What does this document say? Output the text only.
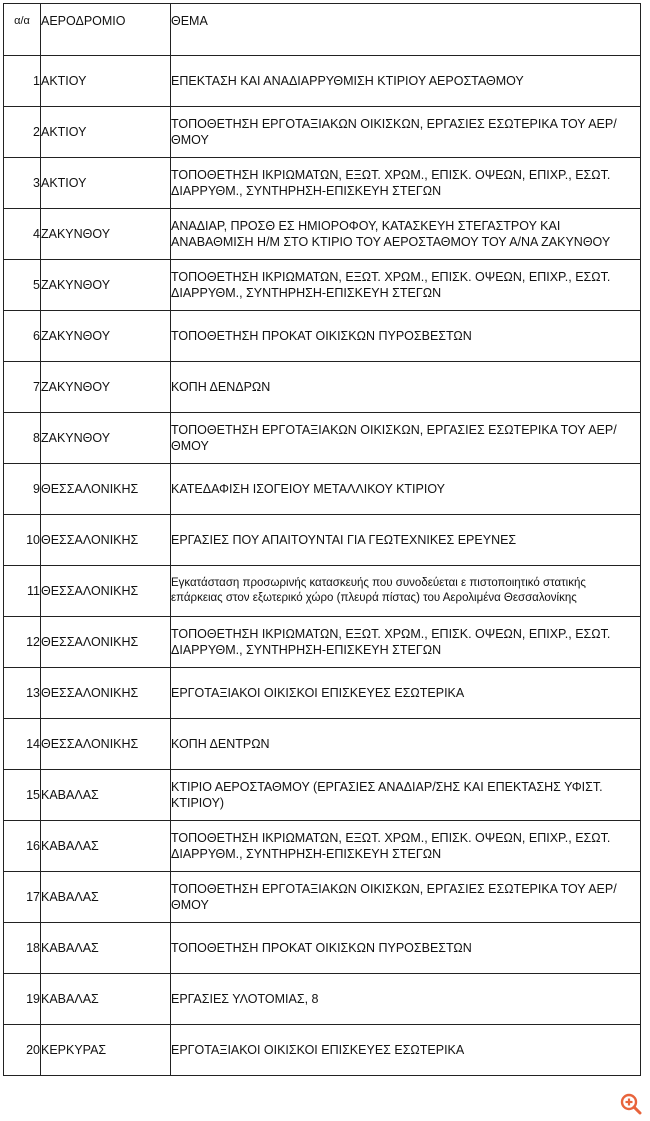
α/α	ΑΕΡΟΔΡΟΜΙΟ	ΘΕΜΑ
1	ΑΚΤΙΟΥ	ΕΠΕΚΤΑΣΗ ΚΑΙ ΑΝΑΔΙΑΡΡΥΘΜΙΣΗ ΚΤΙΡΙΟΥ ΑΕΡΟΣΤΑΘΜΟΥ
2	ΑΚΤΙΟΥ	ΤΟΠΟΘΕΤΗΣΗ ΕΡΓΟΤΑΞΙΑΚΩΝ ΟΙΚΙΣΚΩΝ, ΕΡΓΑΣΙΕΣ ΕΣΩΤΕΡΙΚΑ ΤΟΥ ΑΕΡ/ΘΜΟΥ
3	ΑΚΤΙΟΥ	ΤΟΠΟΘΕΤΗΣΗ ΙΚΡΙΩΜΑΤΩΝ, ΕΞΩΤ. ΧΡΩΜ., ΕΠΙΣΚ. ΟΨΕΩΝ, ΕΠΙΧΡ., ΕΣΩΤ. ΔΙΑΡΡΥΘΜ., ΣΥΝΤΗΡΗΣΗ-ΕΠΙΣΚΕΥΗ ΣΤΕΓΩΝ
4	ΖΑΚΥΝΘΟΥ	ΑΝΑΔΙΑΡ, ΠΡΟΣΘ ΕΣ ΗΜΙΟΡΟΦΟΥ, ΚΑΤΑΣΚΕΥΗ ΣΤΕΓΑΣΤΡΟΥ ΚΑΙ ΑΝΑΒΑΘΜΙΣΗ Η/Μ ΣΤΟ ΚΤΙΡΙΟ ΤΟΥ ΑΕΡΟΣΤΑΘΜΟΥ ΤΟΥ Α/ΝΑ ΖΑΚΥΝΘΟΥ
5	ΖΑΚΥΝΘΟΥ	ΤΟΠΟΘΕΤΗΣΗ ΙΚΡΙΩΜΑΤΩΝ, ΕΞΩΤ. ΧΡΩΜ., ΕΠΙΣΚ. ΟΨΕΩΝ, ΕΠΙΧΡ., ΕΣΩΤ. ΔΙΑΡΡΥΘΜ., ΣΥΝΤΗΡΗΣΗ-ΕΠΙΣΚΕΥΗ ΣΤΕΓΩΝ
6	ΖΑΚΥΝΘΟΥ	ΤΟΠΟΘΕΤΗΣΗ ΠΡΟΚΑΤ ΟΙΚΙΣΚΩΝ ΠΥΡΟΣΒΕΣΤΩΝ
7	ΖΑΚΥΝΘΟΥ	ΚΟΠΗ ΔΕΝΔΡΩΝ
8	ΖΑΚΥΝΘΟΥ	ΤΟΠΟΘΕΤΗΣΗ ΕΡΓΟΤΑΞΙΑΚΩΝ ΟΙΚΙΣΚΩΝ, ΕΡΓΑΣΙΕΣ ΕΣΩΤΕΡΙΚΑ ΤΟΥ ΑΕΡ/ΘΜΟΥ
9	ΘΕΣΣΑΛΟΝΙΚΗΣ	ΚΑΤΕΔΑΦΙΣΗ ΙΣΟΓΕΙΟΥ ΜΕΤΑΛΛΙΚΟΥ ΚΤΙΡΙΟΥ
10	ΘΕΣΣΑΛΟΝΙΚΗΣ	ΕΡΓΑΣΙΕΣ ΠΟΥ ΑΠΑΙΤΟΥΝΤΑΙ ΓΙΑ ΓΕΩΤΕΧΝΙΚΕΣ ΕΡΕΥΝΕΣ
11	ΘΕΣΣΑΛΟΝΙΚΗΣ	Εγκατάσταση προσωρινής κατασκευής που συνοδεύεται ε πιστοποιητικό στατικής επάρκειας στον εξωτερικό χώρο (πλευρά πίστας) του Αερολιμένα Θεσσαλονίκης
12	ΘΕΣΣΑΛΟΝΙΚΗΣ	ΤΟΠΟΘΕΤΗΣΗ ΙΚΡΙΩΜΑΤΩΝ, ΕΞΩΤ. ΧΡΩΜ., ΕΠΙΣΚ. ΟΨΕΩΝ, ΕΠΙΧΡ., ΕΣΩΤ. ΔΙΑΡΡΥΘΜ., ΣΥΝΤΗΡΗΣΗ-ΕΠΙΣΚΕΥΗ ΣΤΕΓΩΝ
13	ΘΕΣΣΑΛΟΝΙΚΗΣ	ΕΡΓΟΤΑΞΙΑΚΟΙ ΟΙΚΙΣΚΟΙ ΕΠΙΣΚΕΥΕΣ ΕΣΩΤΕΡΙΚΑ
14	ΘΕΣΣΑΛΟΝΙΚΗΣ	ΚΟΠΗ ΔΕΝΤΡΩΝ
15	ΚΑΒΑΛΑΣ	ΚΤΙΡΙΟ ΑΕΡΟΣΤΑΘΜΟΥ (ΕΡΓΑΣΙΕΣ ΑΝΑΔΙΑΡ/ΣΗΣ ΚΑΙ ΕΠΕΚΤΑΣΗΣ ΥΦΙΣΤ. ΚΤΙΡΙΟΥ)
16	ΚΑΒΑΛΑΣ	ΤΟΠΟΘΕΤΗΣΗ ΙΚΡΙΩΜΑΤΩΝ, ΕΞΩΤ. ΧΡΩΜ., ΕΠΙΣΚ. ΟΨΕΩΝ, ΕΠΙΧΡ., ΕΣΩΤ. ΔΙΑΡΡΥΘΜ., ΣΥΝΤΗΡΗΣΗ-ΕΠΙΣΚΕΥΗ ΣΤΕΓΩΝ
17	ΚΑΒΑΛΑΣ	ΤΟΠΟΘΕΤΗΣΗ ΕΡΓΟΤΑΞΙΑΚΩΝ ΟΙΚΙΣΚΩΝ, ΕΡΓΑΣΙΕΣ ΕΣΩΤΕΡΙΚΑ ΤΟΥ ΑΕΡ/ΘΜΟΥ
18	ΚΑΒΑΛΑΣ	ΤΟΠΟΘΕΤΗΣΗ ΠΡΟΚΑΤ ΟΙΚΙΣΚΩΝ ΠΥΡΟΣΒΕΣΤΩΝ
19	ΚΑΒΑΛΑΣ	ΕΡΓΑΣΙΕΣ ΥΛΟΤΟΜΙΑΣ, 8
20	ΚΕΡΚΥΡΑΣ	ΕΡΓΟΤΑΞΙΑΚΟΙ ΟΙΚΙΣΚΟΙ ΕΠΙΣΚΕΥΕΣ ΕΣΩΤΕΡΙΚΑ
